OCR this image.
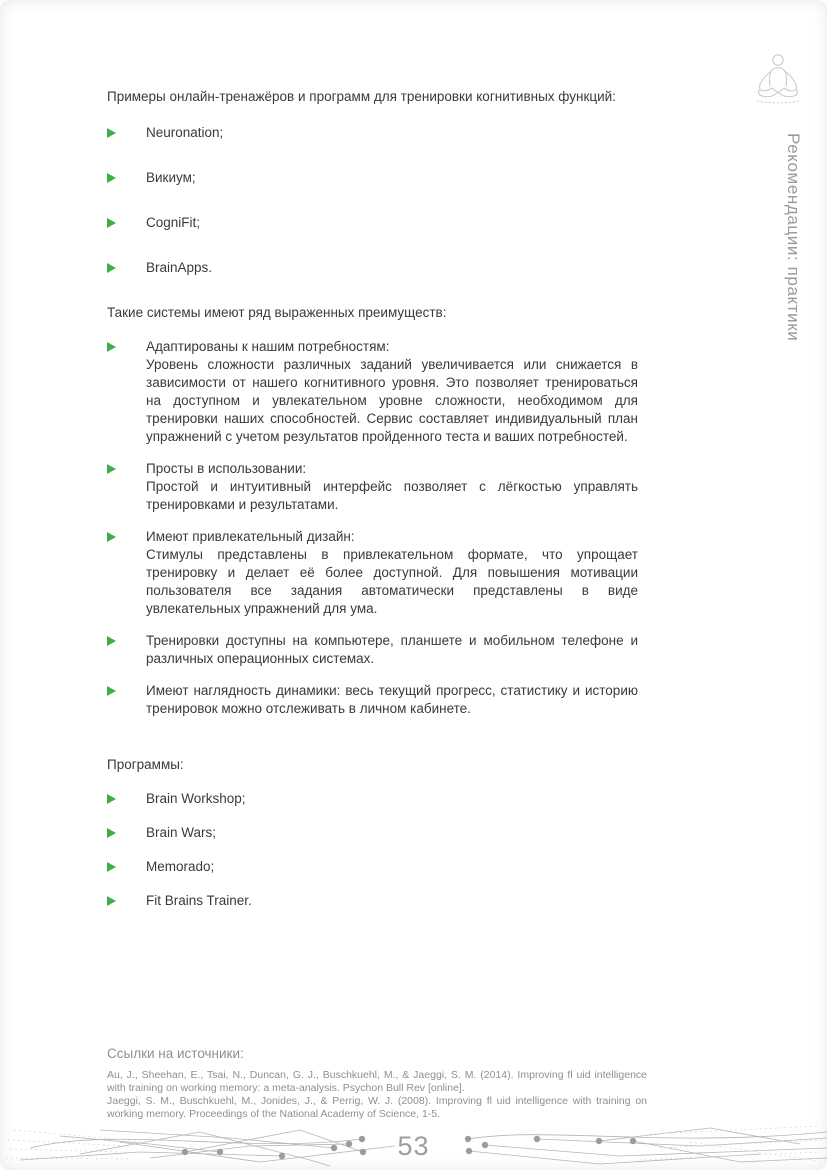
Рекомендации: практики

Примеры онлайн-тренажёров и программ для тренировки когнитивных функций:

Neuronation;
Викиум;
CogniFit;
BrainApps.

Такие системы имеют ряд выраженных преимуществ:

Адаптированы к нашим потребностям:
Уровень сложности различных заданий увеличивается или снижается в зависимости от нашего когнитивного уровня. Это позволяет тренироваться на доступном и увлекательном уровне сложности, необходимом для тренировки наших способностей. Сервис составляет индивидуальный план упражнений с учетом результатов пройденного теста и ваших потребностей.
Просты в использовании:
Простой и интуитивный интерфейс позволяет с лёгкостью управлять тренировками и результатами.
Имеют привлекательный дизайн:
Стимулы представлены в привлекательном формате, что упрощает тренировку и делает её более доступной. Для повышения мотивации пользователя все задания автоматически представлены в виде увлекательных упражнений для ума.
Тренировки доступны на компьютере, планшете и мобильном телефоне и различных операционных системах.
Имеют наглядность динамики: весь текущий прогресс, статистику и историю тренировок можно отслеживать в личном кабинете.

Программы:

Brain Workshop;
Brain Wars;
Memorado;
Fit Brains Trainer.
Ссылки на источники:
Au, J., Sheehan, E., Tsai, N., Duncan, G. J., Buschkuehl, M., & Jaeggi, S. M. (2014). Improving fl uid intelligence with training on working memory: a meta-analysis. Psychon Bull Rev [online].
Jaeggi, S. M., Buschkuehl, M., Jonides, J., & Perrig, W. J. (2008). Improving fl uid intelligence with training on working memory. Proceedings of the National Academy of Science, 1-5.
53
